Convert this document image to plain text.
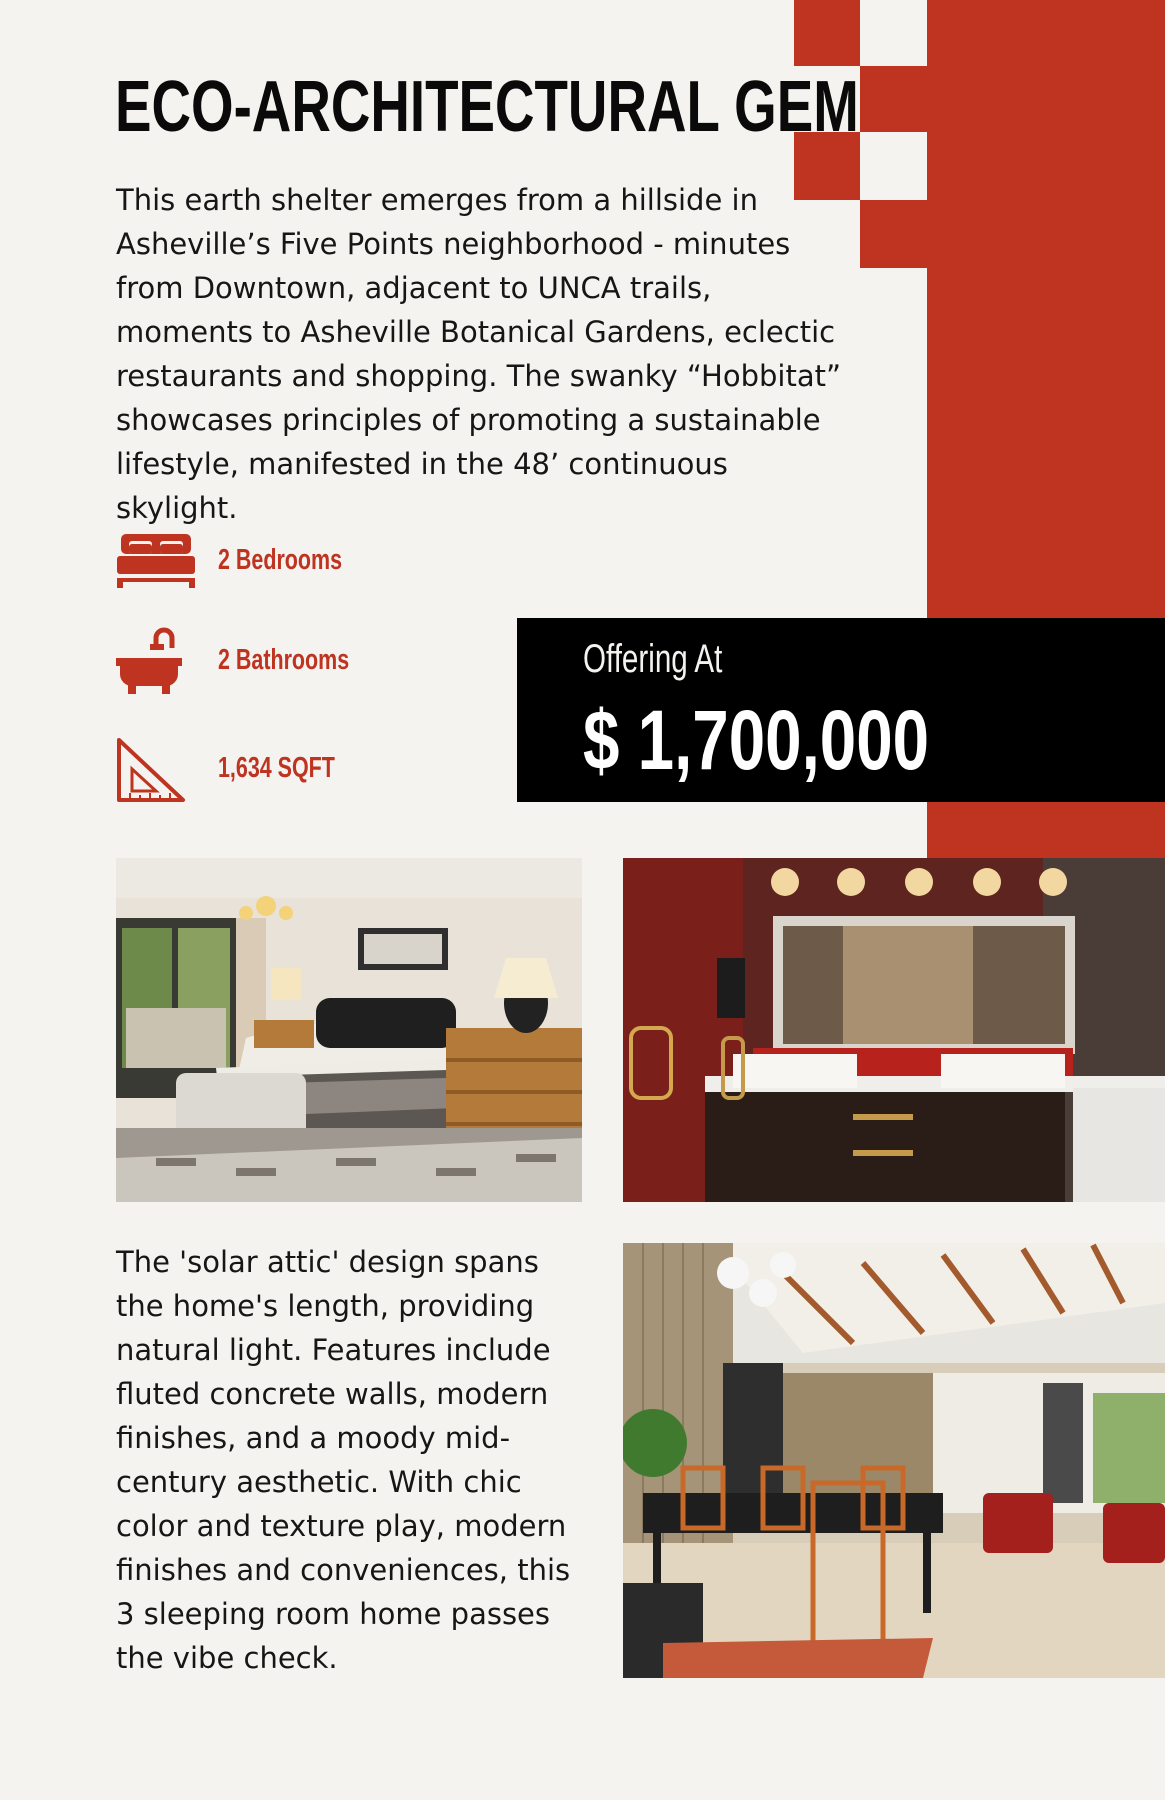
ECO-ARCHITECTURAL GEM

This earth shelter emerges from a hillside in Asheville’s Five Points neighborhood - minutes from Downtown, adjacent to UNCA trails, moments to Asheville Botanical Gardens, eclectic restaurants and shopping. The swanky “Hobbitat” showcases principles of promoting a sustainable lifestyle, manifested in the 48’ continuous skylight.

2 Bedrooms

2 Bathrooms

1,634 SQFT

Offering At

$ 1,700,000

The 'solar attic' design spans the home's length, providing natural light. Features include fluted concrete walls, modern finishes, and a moody mid-century aesthetic. With chic color and texture play, modern finishes and conveniences, this 3 sleeping room home passes the vibe check.
